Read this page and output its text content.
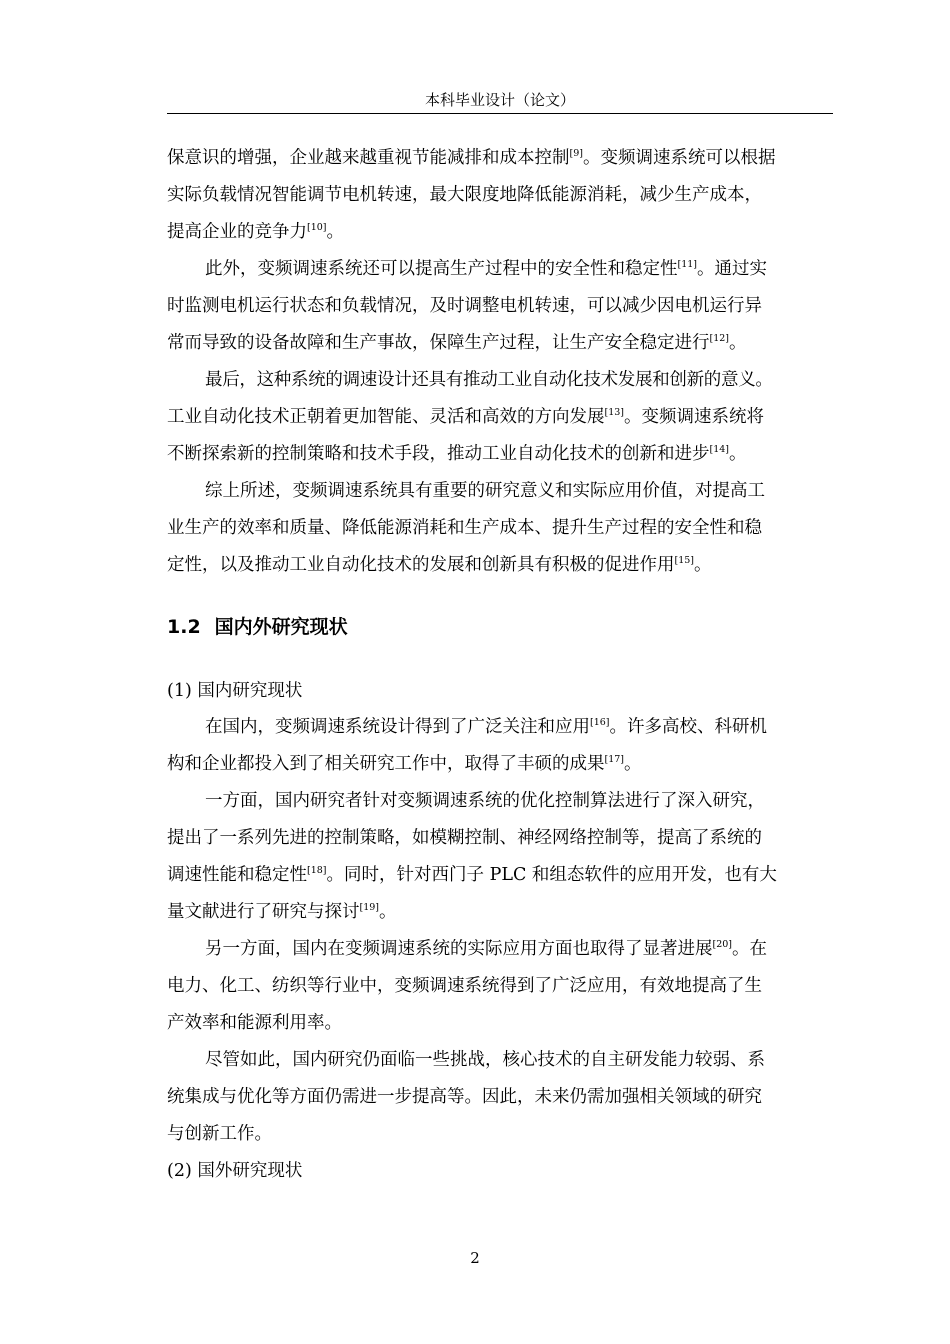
本科毕业设计（论文）
保意识的增强，企业越来越重视节能减排和成本控制[9]。变频调速系统可以根据
实际负载情况智能调节电机转速，最大限度地降低能源消耗，减少生产成本，
提高企业的竞争力[10]。
此外，变频调速系统还可以提高生产过程中的安全性和稳定性[11]。通过实
时监测电机运行状态和负载情况，及时调整电机转速，可以减少因电机运行异
常而导致的设备故障和生产事故，保障生产过程，让生产安全稳定进行[12]。
最后，这种系统的调速设计还具有推动工业自动化技术发展和创新的意义。
工业自动化技术正朝着更加智能、灵活和高效的方向发展[13]。变频调速系统将
不断探索新的控制策略和技术手段，推动工业自动化技术的创新和进步[14]。
综上所述，变频调速系统具有重要的研究意义和实际应用价值，对提高工
业生产的效率和质量、降低能源消耗和生产成本、提升生产过程的安全性和稳
定性，以及推动工业自动化技术的发展和创新具有积极的促进作用[15]。
1.2 国内外研究现状
(1) 国内研究现状
在国内，变频调速系统设计得到了广泛关注和应用[16]。许多高校、科研机
构和企业都投入到了相关研究工作中，取得了丰硕的成果[17]。
一方面，国内研究者针对变频调速系统的优化控制算法进行了深入研究，
提出了一系列先进的控制策略，如模糊控制、神经网络控制等，提高了系统的
调速性能和稳定性[18]。同时，针对西门子 PLC 和组态软件的应用开发，也有大
量文献进行了研究与探讨[19]。
另一方面，国内在变频调速系统的实际应用方面也取得了显著进展[20]。在
电力、化工、纺织等行业中，变频调速系统得到了广泛应用，有效地提高了生
产效率和能源利用率。
尽管如此，国内研究仍面临一些挑战，核心技术的自主研发能力较弱、系
统集成与优化等方面仍需进一步提高等。因此，未来仍需加强相关领域的研究
与创新工作。
(2) 国外研究现状
2
